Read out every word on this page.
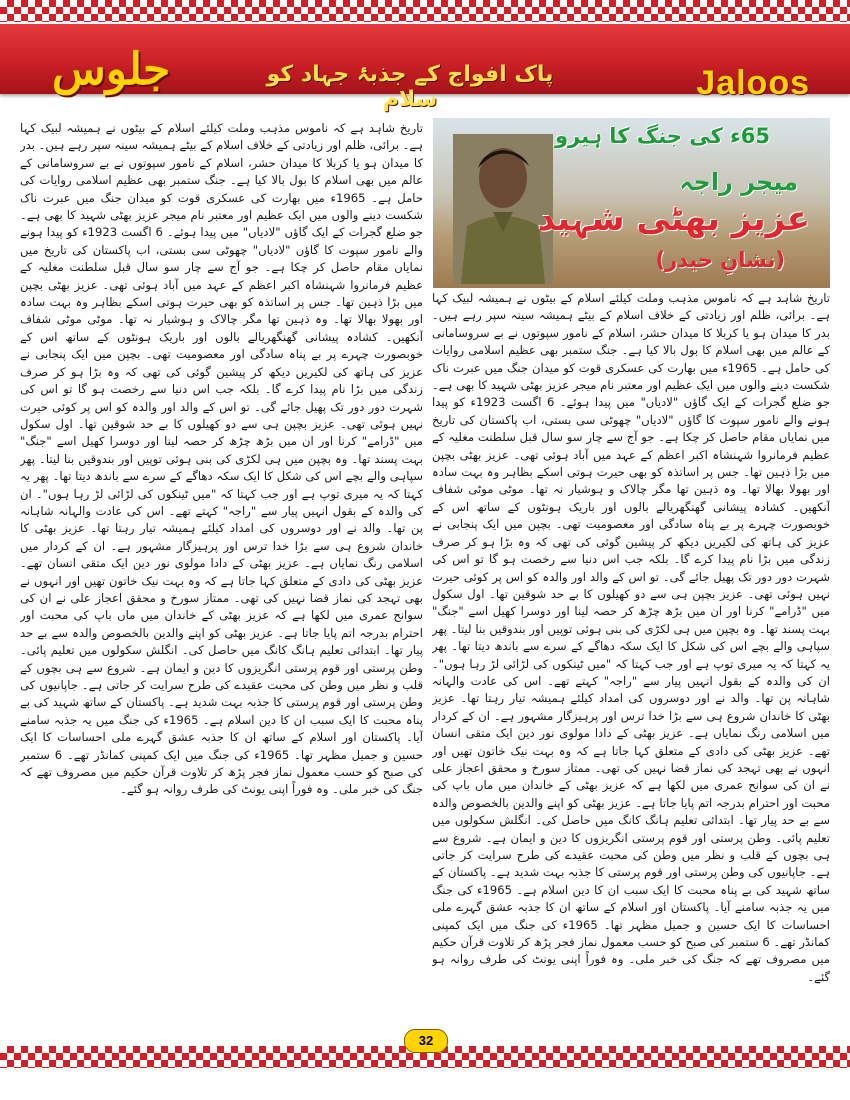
جلوس	پاک افواج کے جذبۂ جہاد کو سلام	Jaloos
65ء کی جنگ کا ہیرو
میجر راجہ
عزیز بھٹی شہید
(نشانِ حیدر)

تاریخ شاہد ہے کہ ناموس مذہب وملت کیلئے اسلام کے بیٹوں نے ہمیشہ لبیک کہا ہے۔ برائی، ظلم اور زیادتی کے خلاف اسلام کے بیٹے ہمیشہ سینہ سپر رہے ہیں۔ بدر کا میدان ہو یا کربلا کا میدان حشر، اسلام کے نامور سپوتوں نے بے سروسامانی کے عالم میں بھی اسلام کا بول بالا کیا ہے۔ جنگ ستمبر بھی عظیم اسلامی روایات کی حامل ہے۔ 1965ء میں بھارت کی عسکری قوت کو میدان جنگ میں عبرت ناک شکست دینے والوں میں ایک عظیم اور معتبر نام میجر عزیز بھٹی شہید کا بھی ہے۔ جو ضلع گجرات کے ایک گاؤں "لادیاں" میں پیدا ہوئے۔ 6 اگست 1923ء کو پیدا ہونے والے نامور سپوت کا گاؤں "لادیاں" چھوٹی سی بستی، اب پاکستان کی تاریخ میں نمایاں مقام حاصل کر چکا ہے۔ جو آج سے چار سو سال قبل سلطنت مغلیہ کے عظیم فرمانروا شہنشاہ اکبر اعظم کے عہد میں آباد ہوئی تھی۔ عزیز بھٹی بچپن میں بڑا ذہین تھا۔ جس پر اساتذہ کو بھی حیرت ہوتی اسکے بظاہر وہ بہت سادہ اور بھولا بھالا تھا۔ وہ ذہین تھا مگر چالاک و ہوشیار نہ تھا۔ موٹی موٹی شفاف آنکھیں۔ کشادہ پیشانی گھنگھریالے بالوں اور باریک ہونٹوں کے ساتھ اس کے خوبصورت چہرے پر بے پناہ سادگی اور معصومیت تھی۔ بچپن میں ایک پنجابی نے عزیز کی ہاتھ کی لکیریں دیکھ کر پیشین گوئی کی تھی کہ وہ بڑا ہو کر صرف زندگی میں بڑا نام پیدا کرے گا۔ بلکہ جب اس دنیا سے رخصت ہو گا تو اس کی شہرت دور دور تک پھیل جائے گی۔ تو اس کے والد اور والدہ کو اس پر کوئی حیرت نہیں ہوئی تھی۔ عزیز بچپن ہی سے دو کھیلوں کا بے حد شوقین تھا۔ اول سکول میں "ڈرامے" کرنا اور ان میں بڑھ چڑھ کر حصہ لینا اور دوسرا کھیل اسے "جنگ" بہت پسند تھا۔ وہ بچپن میں ہی لکڑی کی بنی ہوئی توپیں اور بندوقیں بنا لیتا۔ پھر سپاہی والے بچے اس کی شکل کا ایک سکہ دھاگے کے سرے سے باندھ دیتا تھا۔ پھر یہ کہتا کہ یہ میری توپ ہے اور جب کہتا کہ "میں ٹینکوں کی لڑائی لڑ رہا ہوں"۔ ان کی والدہ کے بقول انہیں پیار سے "راجہ" کہتے تھے۔ اس کی عادت والہانہ شاہانہ پن تھا۔ والد نے اور دوسروں کی امداد کیلئے ہمیشہ تیار رہتا تھا۔ عزیز بھٹی کا خاندان شروع ہی سے بڑا خدا ترس اور پرہیزگار مشہور ہے۔ ان کے کردار میں اسلامی رنگ نمایاں ہے۔ عزیز بھٹی کے دادا مولوی نور دین ایک متقی انسان تھے۔ عزیز بھٹی کی دادی کے متعلق کہا جاتا ہے کہ وہ بہت نیک خاتون تھیں اور انہوں نے بھی تہجد کی نماز قضا نہیں کی تھی۔ ممتاز سورخ و محقق اعجاز علی نے ان کی سوانح عمری میں لکھا ہے کہ عزیز بھٹی کے خاندان میں ماں باپ کی محبت اور احترام بدرجہ اتم پایا جاتا ہے۔ عزیز بھٹی کو اپنے والدین بالخصوص والدہ سے بے حد پیار تھا۔ ابتدائی تعلیم ہانگ کانگ میں حاصل کی۔ انگلش سکولوں میں تعلیم پائی۔ وطن پرستی اور قوم پرستی انگریزوں کا دین و ایمان ہے۔ شروع سے ہی بچوں کے قلب و نظر میں وطن کی محبت عقیدے کی طرح سرایت کر جاتی ہے۔ جاپانیوں کی وطن پرستی اور قوم پرستی کا جذبہ بہت شدید ہے۔ پاکستان کے ساتھ شہید کی بے پناہ محبت کا ایک سبب ان کا دین اسلام ہے۔ 1965ء کی جنگ میں یہ جذبہ سامنے آیا۔ پاکستان اور اسلام کے ساتھ ان کا جذبہ عشق گہرے ملی احساسات کا ایک حسین و جمیل مظہر تھا۔ 1965ء کی جنگ میں ایک کمپنی کمانڈر تھے۔ 6 ستمبر کی صبح کو حسب معمول نماز فجر پڑھ کر تلاوت قرآن حکیم میں مصروف تھے کہ جنگ کی خبر ملی۔ وہ فوراً اپنی یونٹ کی طرف روانہ ہو گئے۔

تاریخ شاہد ہے کہ ناموس مذہب وملت کیلئے اسلام کے بیٹوں نے ہمیشہ لبیک کہا ہے۔ برائی، ظلم اور زیادتی کے خلاف اسلام کے بیٹے ہمیشہ سینہ سپر رہے ہیں۔ بدر کا میدان ہو یا کربلا کا میدان حشر، اسلام کے نامور سپوتوں نے بے سروسامانی کے عالم میں بھی اسلام کا بول بالا کیا ہے۔ جنگ ستمبر بھی عظیم اسلامی روایات کی حامل ہے۔ 1965ء میں بھارت کی عسکری قوت کو میدان جنگ میں عبرت ناک شکست دینے والوں میں ایک عظیم اور معتبر نام میجر عزیز بھٹی شہید کا بھی ہے۔ جو ضلع گجرات کے ایک گاؤں "لادیاں" میں پیدا ہوئے۔ 6 اگست 1923ء کو پیدا ہونے والے نامور سپوت کا گاؤں "لادیاں" چھوٹی سی بستی، اب پاکستان کی تاریخ میں نمایاں مقام حاصل کر چکا ہے۔ جو آج سے چار سو سال قبل سلطنت مغلیہ کے عظیم فرمانروا شہنشاہ اکبر اعظم کے عہد میں آباد ہوئی تھی۔ عزیز بھٹی بچپن میں بڑا ذہین تھا۔ جس پر اساتذہ کو بھی حیرت ہوتی اسکے بظاہر وہ بہت سادہ اور بھولا بھالا تھا۔ وہ ذہین تھا مگر چالاک و ہوشیار نہ تھا۔ موٹی موٹی شفاف آنکھیں۔ کشادہ پیشانی گھنگھریالے بالوں اور باریک ہونٹوں کے ساتھ اس کے خوبصورت چہرے پر بے پناہ سادگی اور معصومیت تھی۔ بچپن میں ایک پنجابی نے عزیز کی ہاتھ کی لکیریں دیکھ کر پیشین گوئی کی تھی کہ وہ بڑا ہو کر صرف زندگی میں بڑا نام پیدا کرے گا۔ بلکہ جب اس دنیا سے رخصت ہو گا تو اس کی شہرت دور دور تک پھیل جائے گی۔ تو اس کے والد اور والدہ کو اس پر کوئی حیرت نہیں ہوئی تھی۔ عزیز بچپن ہی سے دو کھیلوں کا بے حد شوقین تھا۔ اول سکول میں "ڈرامے" کرنا اور ان میں بڑھ چڑھ کر حصہ لینا اور دوسرا کھیل اسے "جنگ" بہت پسند تھا۔ وہ بچپن میں ہی لکڑی کی بنی ہوئی توپیں اور بندوقیں بنا لیتا۔ پھر سپاہی والے بچے اس کی شکل کا ایک سکہ دھاگے کے سرے سے باندھ دیتا تھا۔ پھر یہ کہتا کہ یہ میری توپ ہے اور جب کہتا کہ "میں ٹینکوں کی لڑائی لڑ رہا ہوں"۔ ان کی والدہ کے بقول انہیں پیار سے "راجہ" کہتے تھے۔ اس کی عادت والہانہ شاہانہ پن تھا۔ والد نے اور دوسروں کی امداد کیلئے ہمیشہ تیار رہتا تھا۔ عزیز بھٹی کا خاندان شروع ہی سے بڑا خدا ترس اور پرہیزگار مشہور ہے۔ ان کے کردار میں اسلامی رنگ نمایاں ہے۔ عزیز بھٹی کے دادا مولوی نور دین ایک متقی انسان تھے۔ عزیز بھٹی کی دادی کے متعلق کہا جاتا ہے کہ وہ بہت نیک خاتون تھیں اور انہوں نے بھی تہجد کی نماز قضا نہیں کی تھی۔ ممتاز سورخ و محقق اعجاز علی نے ان کی سوانح عمری میں لکھا ہے کہ عزیز بھٹی کے خاندان میں ماں باپ کی محبت اور احترام بدرجہ اتم پایا جاتا ہے۔ عزیز بھٹی کو اپنے والدین بالخصوص والدہ سے بے حد پیار تھا۔ ابتدائی تعلیم ہانگ کانگ میں حاصل کی۔ انگلش سکولوں میں تعلیم پائی۔ وطن پرستی اور قوم پرستی انگریزوں کا دین و ایمان ہے۔ شروع سے ہی بچوں کے قلب و نظر میں وطن کی محبت عقیدے کی طرح سرایت کر جاتی ہے۔ جاپانیوں کی وطن پرستی اور قوم پرستی کا جذبہ بہت شدید ہے۔ پاکستان کے ساتھ شہید کی بے پناہ محبت کا ایک سبب ان کا دین اسلام ہے۔ 1965ء کی جنگ میں یہ جذبہ سامنے آیا۔ پاکستان اور اسلام کے ساتھ ان کا جذبہ عشق گہرے ملی احساسات کا ایک حسین و جمیل مظہر تھا۔ 1965ء کی جنگ میں ایک کمپنی کمانڈر تھے۔ 6 ستمبر کی صبح کو حسب معمول نماز فجر پڑھ کر تلاوت قرآن حکیم میں مصروف تھے کہ جنگ کی خبر ملی۔ وہ فوراً اپنی یونٹ کی طرف روانہ ہو گئے۔

32
